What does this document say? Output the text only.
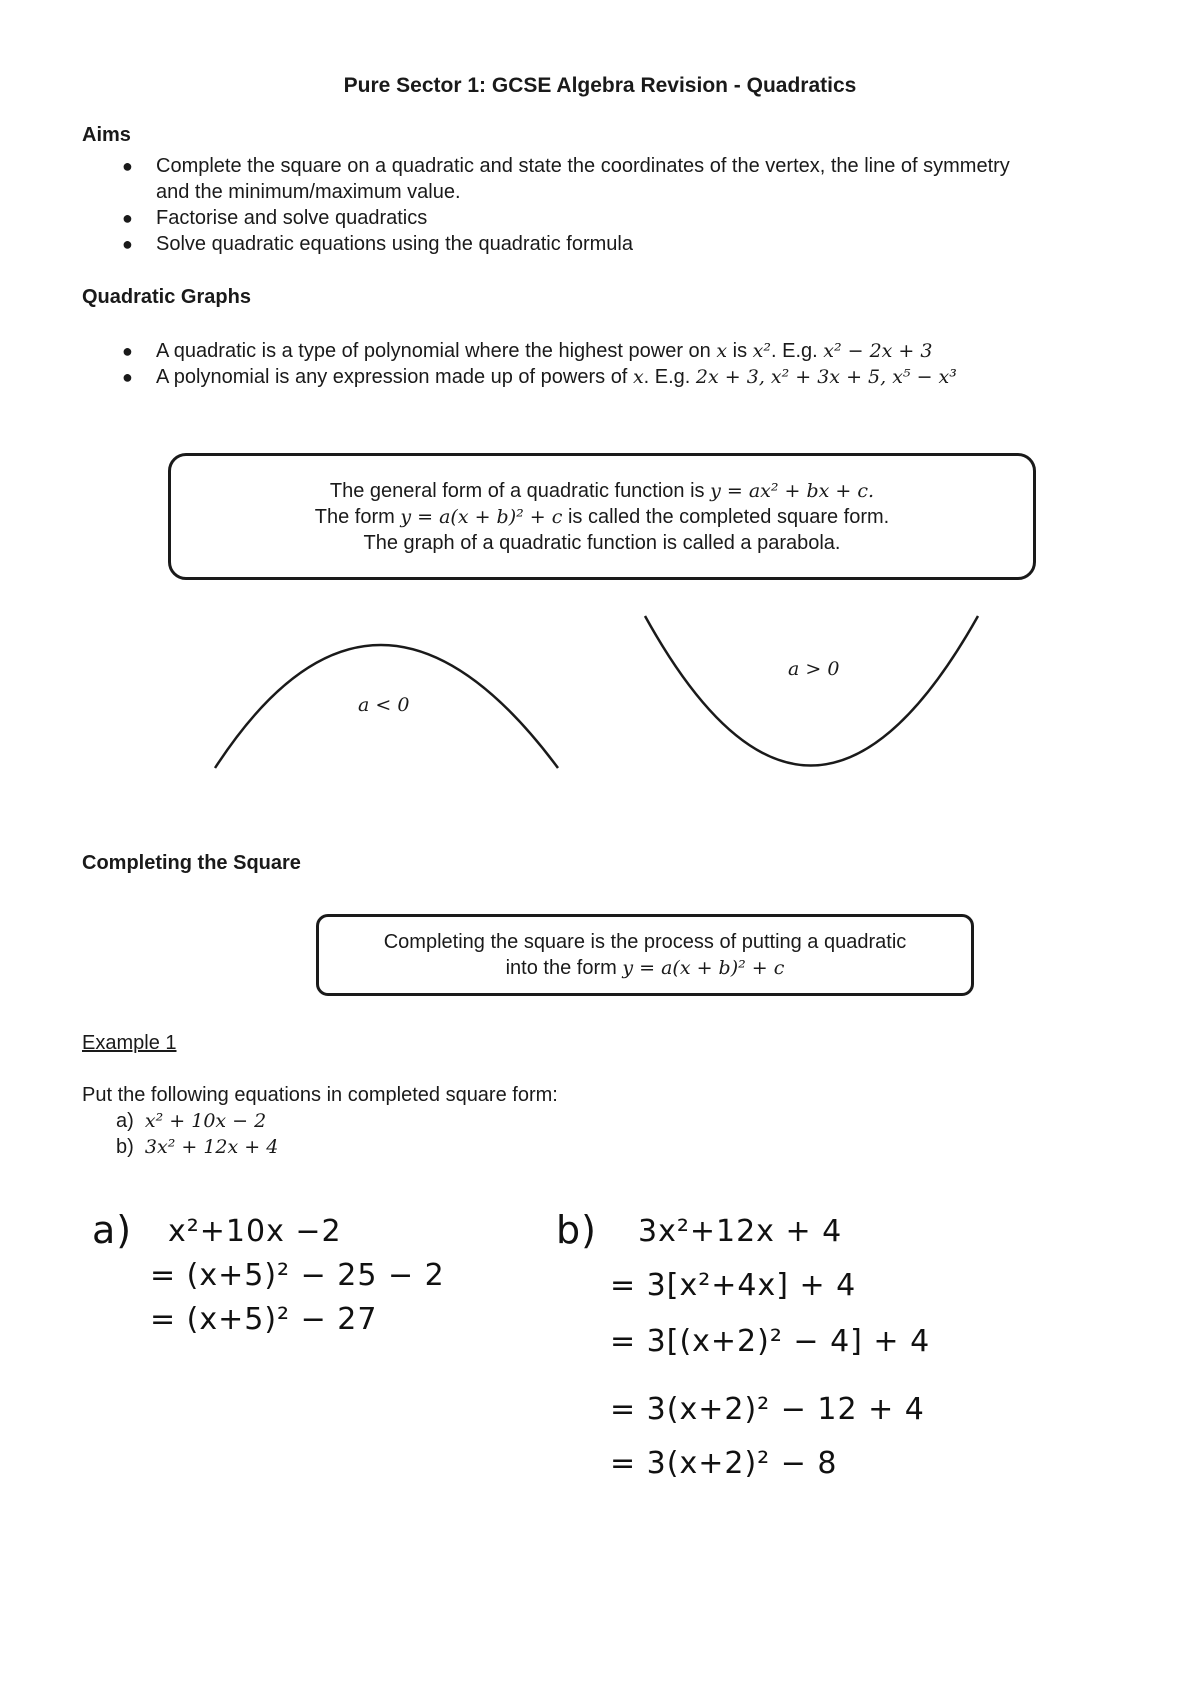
Pure Sector 1: GCSE Algebra Revision - Quadratics
Aims
● Complete the square on a quadratic and state the coordinates of the vertex, the line of symmetry
and the minimum/maximum value.
● Factorise and solve quadratics
● Solve quadratic equations using the quadratic formula
Quadratic Graphs
● A quadratic is a type of polynomial where the highest power on x is x². E.g. x² − 2x + 3
● A polynomial is any expression made up of powers of x. E.g. 2x + 3, x² + 3x + 5, x⁵ − x³
The general form of a quadratic function is y = ax² + bx + c.
The form y = a(x + b)² + c is called the completed square form.
The graph of a quadratic function is called a parabola.
a < 0
a > 0
Completing the Square
Completing the square is the process of putting a quadratic
into the form y = a(x + b)² + c
Example 1
Put the following equations in completed square form:
a) x² + 10x − 2
b) 3x² + 12x + 4
a) x²+10x −2
= (x+5)² − 25 − 2
= (x+5)² − 27
b) 3x²+12x + 4
= 3[x²+4x] + 4
= 3[(x+2)² − 4] + 4
= 3(x+2)² − 12 + 4
= 3(x+2)² − 8
